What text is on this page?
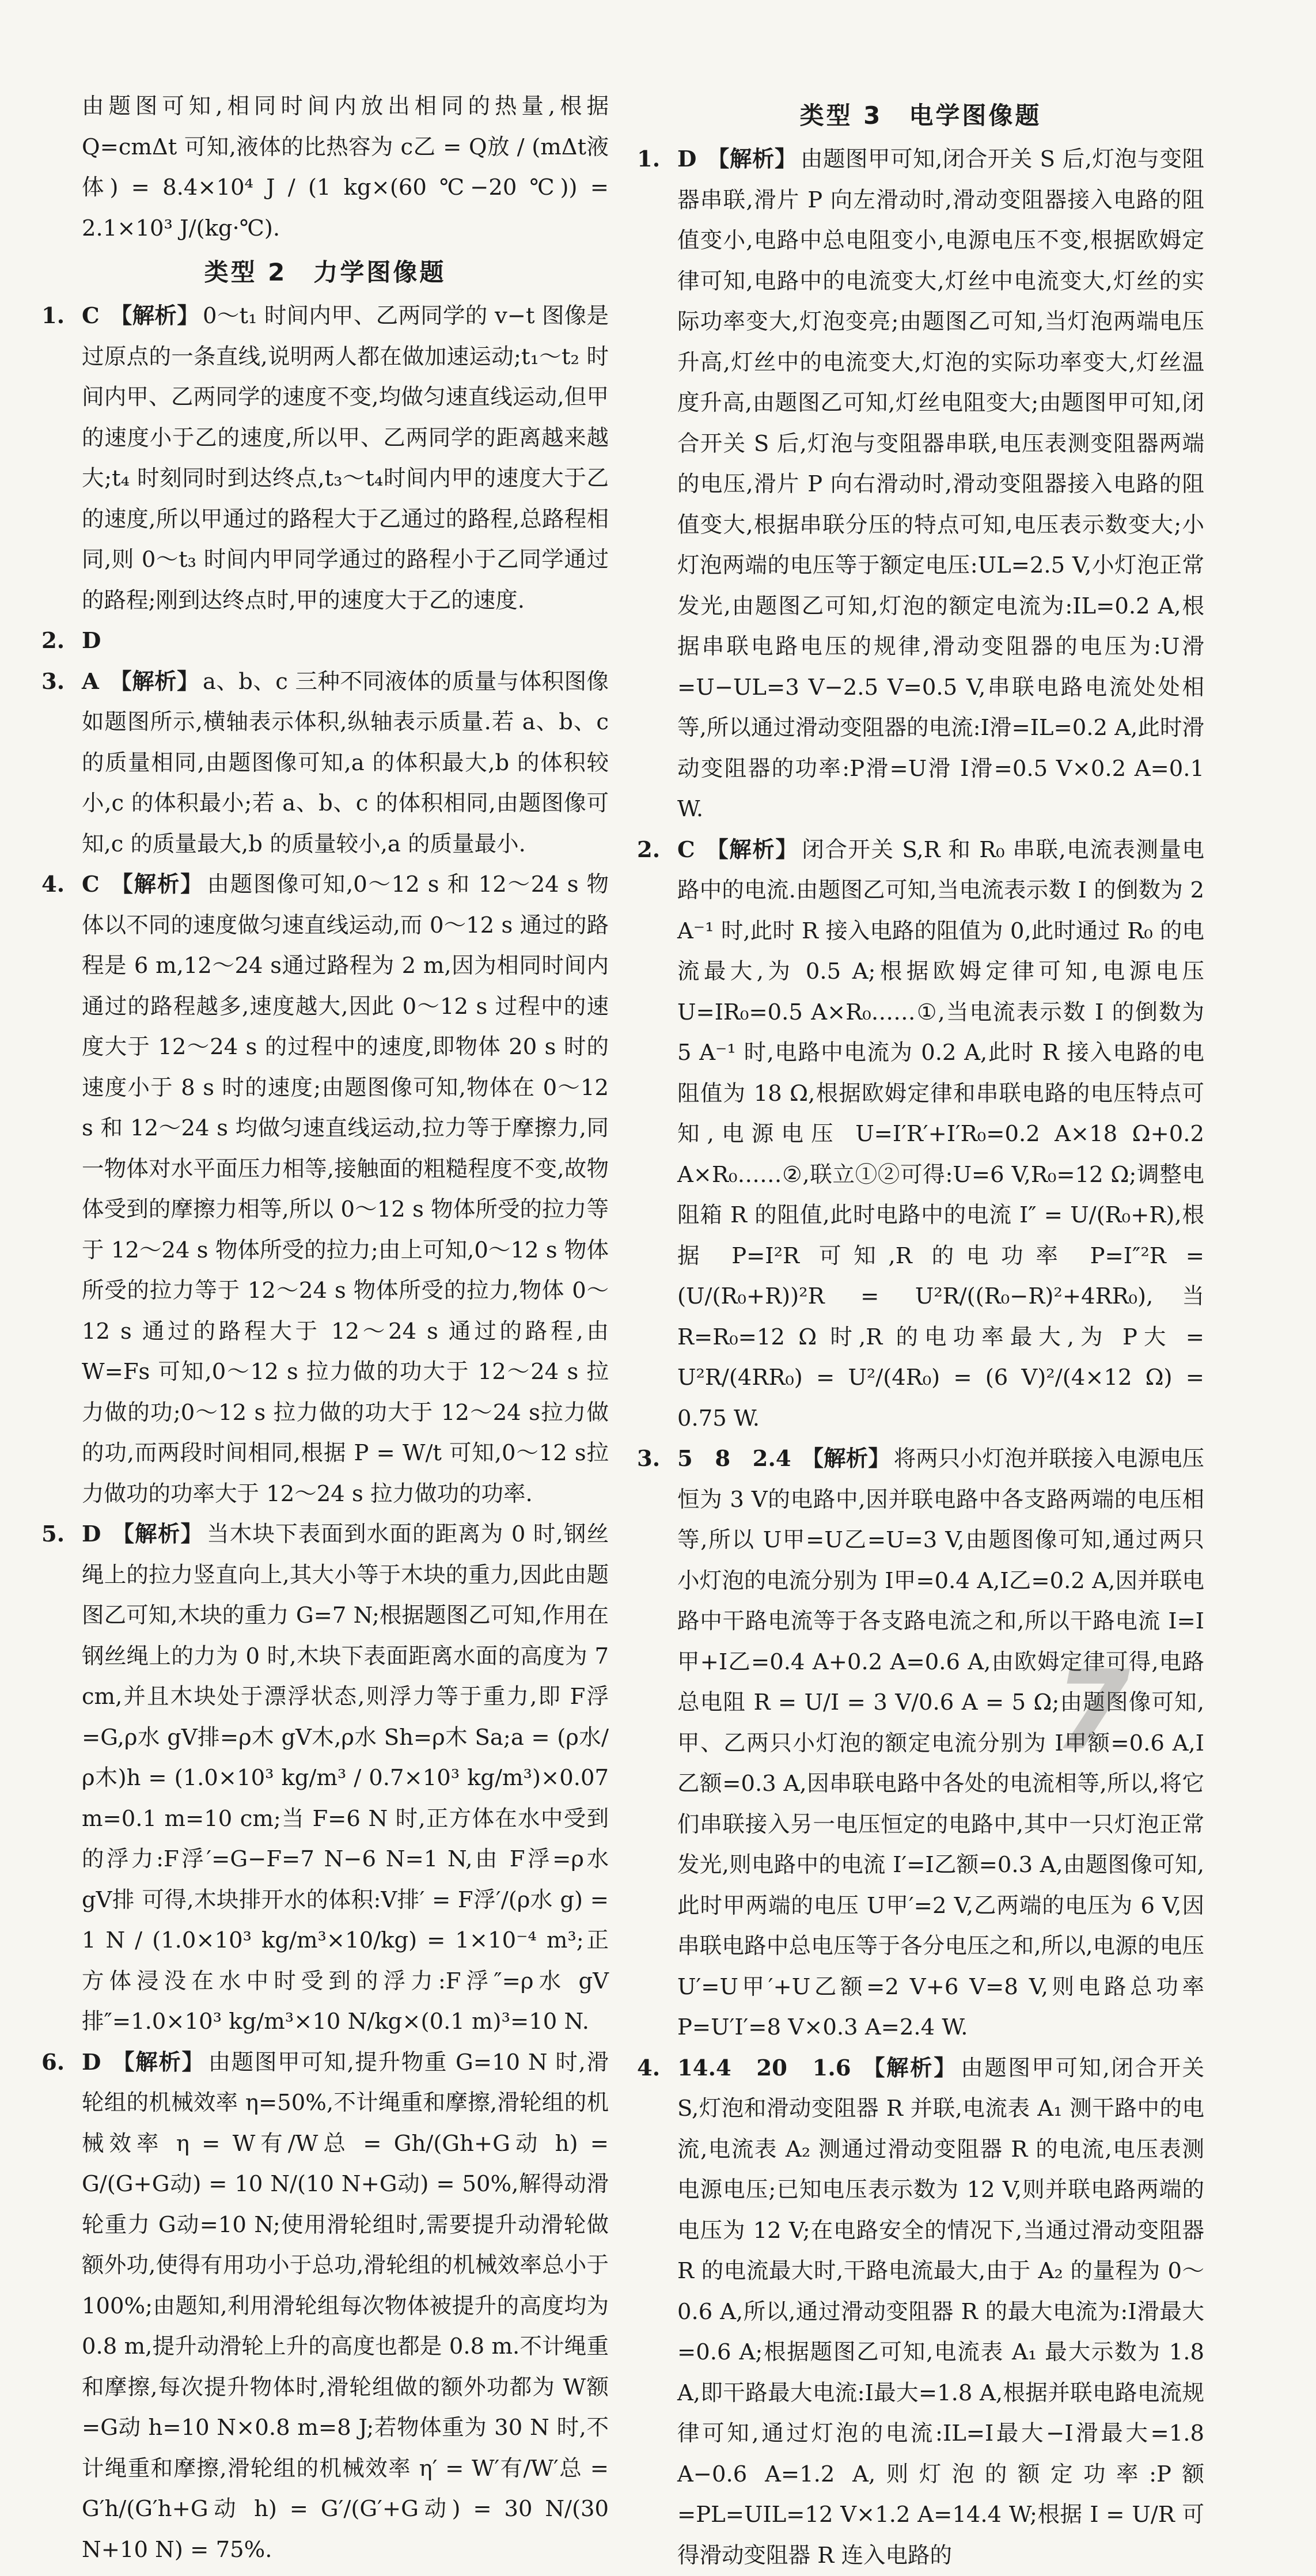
由题图可知,相同时间内放出相同的热量,根据 Q=cmΔt 可知,液体的比热容为 c乙 = Q放 / (mΔt液体) = 8.4×10⁴ J / (1 kg×(60 ℃−20 ℃)) = 2.1×10³ J/(kg·℃).

类型 2　力学图像题
1. C 【解析】 0～t₁ 时间内甲、乙两同学的 v−t 图像是过原点的一条直线,说明两人都在做加速运动;t₁～t₂ 时间内甲、乙两同学的速度不变,均做匀速直线运动,但甲的速度小于乙的速度,所以甲、乙两同学的距离越来越大;t₄ 时刻同时到达终点,t₃～t₄时间内甲的速度大于乙的速度,所以甲通过的路程大于乙通过的路程,总路程相同,则 0～t₃ 时间内甲同学通过的路程小于乙同学通过的路程;刚到达终点时,甲的速度大于乙的速度.
2. D
3. A 【解析】 a、b、c 三种不同液体的质量与体积图像如题图所示,横轴表示体积,纵轴表示质量.若 a、b、c 的质量相同,由题图像可知,a 的体积最大,b 的体积较小,c 的体积最小;若 a、b、c 的体积相同,由题图像可知,c 的质量最大,b 的质量较小,a 的质量最小.
4. C 【解析】 由题图像可知,0～12 s 和 12～24 s 物体以不同的速度做匀速直线运动,而 0～12 s 通过的路程是 6 m,12～24 s通过路程为 2 m,因为相同时间内通过的路程越多,速度越大,因此 0～12 s 过程中的速度大于 12～24 s 的过程中的速度,即物体 20 s 时的速度小于 8 s 时的速度;由题图像可知,物体在 0～12 s 和 12～24 s 均做匀速直线运动,拉力等于摩擦力,同一物体对水平面压力相等,接触面的粗糙程度不变,故物体受到的摩擦力相等,所以 0～12 s 物体所受的拉力等于 12～24 s 物体所受的拉力;由上可知,0～12 s 物体所受的拉力等于 12～24 s 物体所受的拉力,物体 0～12 s 通过的路程大于 12～24 s 通过的路程,由 W=Fs 可知,0～12 s 拉力做的功大于 12～24 s 拉力做的功;0～12 s 拉力做的功大于 12～24 s拉力做的功,而两段时间相同,根据 P = W/t 可知,0～12 s拉力做功的功率大于 12～24 s 拉力做功的功率.
5. D 【解析】 当木块下表面到水面的距离为 0 时,钢丝绳上的拉力竖直向上,其大小等于木块的重力,因此由题图乙可知,木块的重力 G=7 N;根据题图乙可知,作用在钢丝绳上的力为 0 时,木块下表面距离水面的高度为 7 cm,并且木块处于漂浮状态,则浮力等于重力,即 F浮=G,ρ水 gV排=ρ木 gV木,ρ水 Sh=ρ木 Sa;a = (ρ水/ρ木)h = (1.0×10³ kg/m³ / 0.7×10³ kg/m³)×0.07 m=0.1 m=10 cm;当 F=6 N 时,正方体在水中受到的浮力:F浮′=G−F=7 N−6 N=1 N,由 F浮=ρ水 gV排 可得,木块排开水的体积:V排′ = F浮′/(ρ水 g) = 1 N / (1.0×10³ kg/m³×10/kg) = 1×10⁻⁴ m³;正方体浸没在水中时受到的浮力:F浮″=ρ水 gV排″=1.0×10³ kg/m³×10 N/kg×(0.1 m)³=10 N.
6. D 【解析】 由题图甲可知,提升物重 G=10 N 时,滑轮组的机械效率 η=50%,不计绳重和摩擦,滑轮组的机械效率 η = W有/W总 = Gh/(Gh+G动 h) = G/(G+G动) = 10 N/(10 N+G动) = 50%,解得动滑轮重力 G动=10 N;使用滑轮组时,需要提升动滑轮做额外功,使得有用功小于总功,滑轮组的机械效率总小于 100%;由题知,利用滑轮组每次物体被提升的高度均为 0.8 m,提升动滑轮上升的高度也都是 0.8 m.不计绳重和摩擦,每次提升物体时,滑轮组做的额外功都为 W额=G动 h=10 N×0.8 m=8 J;若物体重为 30 N 时,不计绳重和摩擦,滑轮组的机械效率 η′ = W′有/W′总 = G′h/(G′h+G动 h) = G′/(G′+G动) = 30 N/(30 N+10 N) = 75%.
类型 3　电学图像题
1. D 【解析】 由题图甲可知,闭合开关 S 后,灯泡与变阻器串联,滑片 P 向左滑动时,滑动变阻器接入电路的阻值变小,电路中总电阻变小,电源电压不变,根据欧姆定律可知,电路中的电流变大,灯丝中电流变大,灯丝的实际功率变大,灯泡变亮;由题图乙可知,当灯泡两端电压升高,灯丝中的电流变大,灯泡的实际功率变大,灯丝温度升高,由题图乙可知,灯丝电阻变大;由题图甲可知,闭合开关 S 后,灯泡与变阻器串联,电压表测变阻器两端的电压,滑片 P 向右滑动时,滑动变阻器接入电路的阻值变大,根据串联分压的特点可知,电压表示数变大;小灯泡两端的电压等于额定电压:UL=2.5 V,小灯泡正常发光,由题图乙可知,灯泡的额定电流为:IL=0.2 A,根据串联电路电压的规律,滑动变阻器的电压为:U滑=U−UL=3 V−2.5 V=0.5 V,串联电路电流处处相等,所以通过滑动变阻器的电流:I滑=IL=0.2 A,此时滑动变阻器的功率:P滑=U滑 I滑=0.5 V×0.2 A=0.1 W.
2. C 【解析】 闭合开关 S,R 和 R₀ 串联,电流表测量电路中的电流.由题图乙可知,当电流表示数 I 的倒数为 2 A⁻¹ 时,此时 R 接入电路的阻值为 0,此时通过 R₀ 的电流最大,为 0.5 A;根据欧姆定律可知,电源电压 U=IR₀=0.5 A×R₀……①,当电流表示数 I 的倒数为 5 A⁻¹ 时,电路中电流为 0.2 A,此时 R 接入电路的电阻值为 18 Ω,根据欧姆定律和串联电路的电压特点可知,电源电压 U=I′R′+I′R₀=0.2 A×18 Ω+0.2 A×R₀……②,联立①②可得:U=6 V,R₀=12 Ω;调整电阻箱 R 的阻值,此时电路中的电流 I″ = U/(R₀+R),根据 P=I²R 可知,R 的电功率 P=I″²R = (U/(R₀+R))²R = U²R/((R₀−R)²+4RR₀),当 R=R₀=12 Ω 时,R 的电功率最大,为 P大 = U²R/(4RR₀) = U²/(4R₀) = (6 V)²/(4×12 Ω) = 0.75 W.
3. 5　8　2.4 【解析】 将两只小灯泡并联接入电源电压恒为 3 V的电路中,因并联电路中各支路两端的电压相等,所以 U甲=U乙=U=3 V,由题图像可知,通过两只小灯泡的电流分别为 I甲=0.4 A,I乙=0.2 A,因并联电路中干路电流等于各支路电流之和,所以干路电流 I=I甲+I乙=0.4 A+0.2 A=0.6 A,由欧姆定律可得,电路总电阻 R = U/I = 3 V/0.6 A = 5 Ω;由题图像可知,甲、乙两只小灯泡的额定电流分别为 I甲额=0.6 A,I乙额=0.3 A,因串联电路中各处的电流相等,所以,将它们串联接入另一电压恒定的电路中,其中一只灯泡正常发光,则电路中的电流 I′=I乙额=0.3 A,由题图像可知,此时甲两端的电压 U甲′=2 V,乙两端的电压为 6 V,因串联电路中总电压等于各分电压之和,所以,电源的电压 U′=U甲′+U乙额=2 V+6 V=8 V,则电路总功率 P=U′I′=8 V×0.3 A=2.4 W.
4. 14.4　20　1.6 【解析】 由题图甲可知,闭合开关 S,灯泡和滑动变阻器 R 并联,电流表 A₁ 测干路中的电流,电流表 A₂ 测通过滑动变阻器 R 的电流,电压表测电源电压;已知电压表示数为 12 V,则并联电路两端的电压为 12 V;在电路安全的情况下,当通过滑动变阻器 R 的电流最大时,干路电流最大,由于 A₂ 的量程为 0～0.6 A,所以,通过滑动变阻器 R 的最大电流为:I滑最大=0.6 A;根据题图乙可知,电流表 A₁ 最大示数为 1.8 A,即干路最大电流:I最大=1.8 A,根据并联电路电流规律可知,通过灯泡的电流:IL=I最大−I滑最大=1.8 A−0.6 A=1.2 A,则灯泡的额定功率:P额=PL=UIL=12 V×1.2 A=14.4 W;根据 I = U/R 可得滑动变阻器 R 连入电路的
7
